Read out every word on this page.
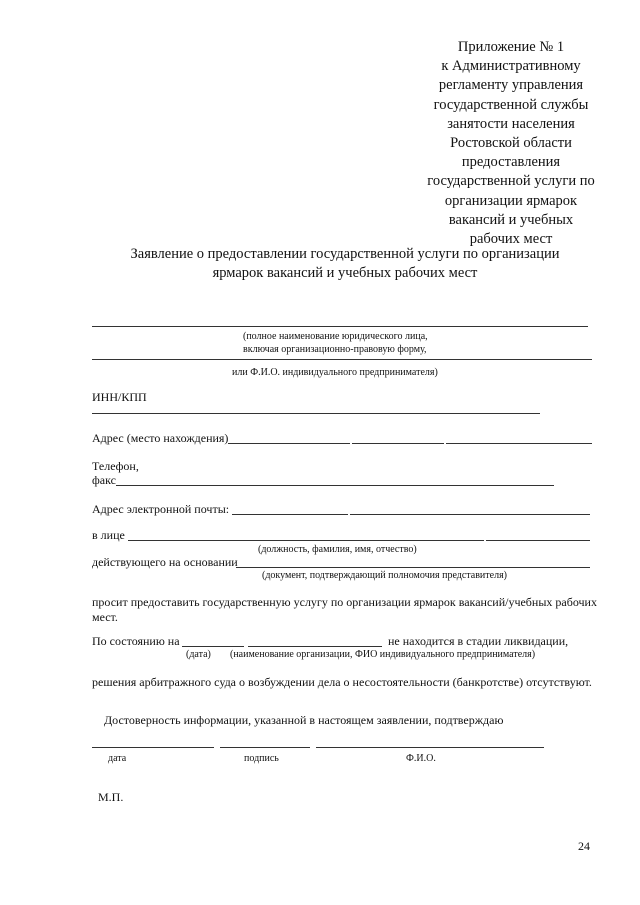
Приложение № 1
к Административному
регламенту управления
государственной службы
занятости населения
Ростовской области
предоставления
государственной услуги по
организации ярмарок
вакансий и учебных
рабочих мест
Заявление о предоставлении государственной услуги по организации
ярмарок вакансий и учебных рабочих мест
(полное наименование юридического лица,
включая организационно-правовую форму,
или Ф.И.О. индивидуального предпринимателя)
ИНН/КПП
Адрес (место нахождения)
Телефон,
факс
Адрес электронной почты:
в лице
(должность, фамилия, имя, отчество)
действующего на основании
(документ, подтверждающий полномочия представителя)
просит предоставить государственную услугу по организации ярмарок вакансий/учебных рабочих
мест.
По состоянию на	не находится в стадии ликвидации,
(дата) (наименование организации, ФИО индивидуального предпринимателя)
решения арбитражного суда о возбуждении дела о несостоятельности (банкротстве) отсутствуют.
Достоверность информации, указанной в настоящем заявлении, подтверждаю
дата	подпись	Ф.И.О.
М.П.
24
